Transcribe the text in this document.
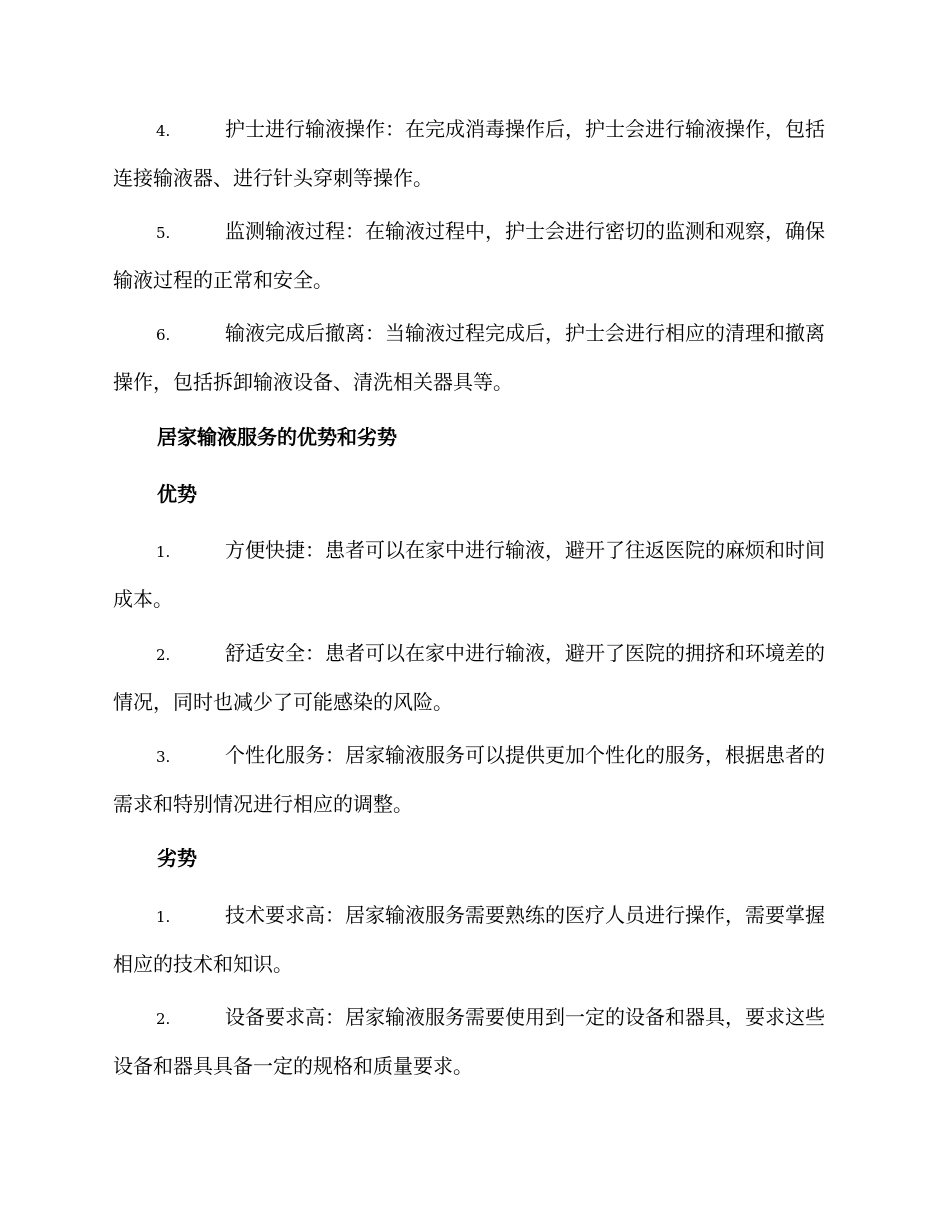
4.	护士进行输液操作：在完成消毒操作后，护士会进行输液操作，包括连接输液器、进行针头穿刺等操作。
5.	监测输液过程：在输液过程中，护士会进行密切的监测和观察，确保输液过程的正常和安全。
6.	输液完成后撤离：当输液过程完成后，护士会进行相应的清理和撤离操作，包括拆卸输液设备、清洗相关器具等。
居家输液服务的优势和劣势
优势
1.	方便快捷：患者可以在家中进行输液，避开了往返医院的麻烦和时间成本。
2.	舒适安全：患者可以在家中进行输液，避开了医院的拥挤和环境差的情况，同时也减少了可能感染的风险。
3.	个性化服务：居家输液服务可以提供更加个性化的服务，根据患者的需求和特别情况进行相应的调整。
劣势
1.	技术要求高：居家输液服务需要熟练的医疗人员进行操作，需要掌握相应的技术和知识。
2.	设备要求高：居家输液服务需要使用到一定的设备和器具，要求这些设备和器具具备一定的规格和质量要求。
